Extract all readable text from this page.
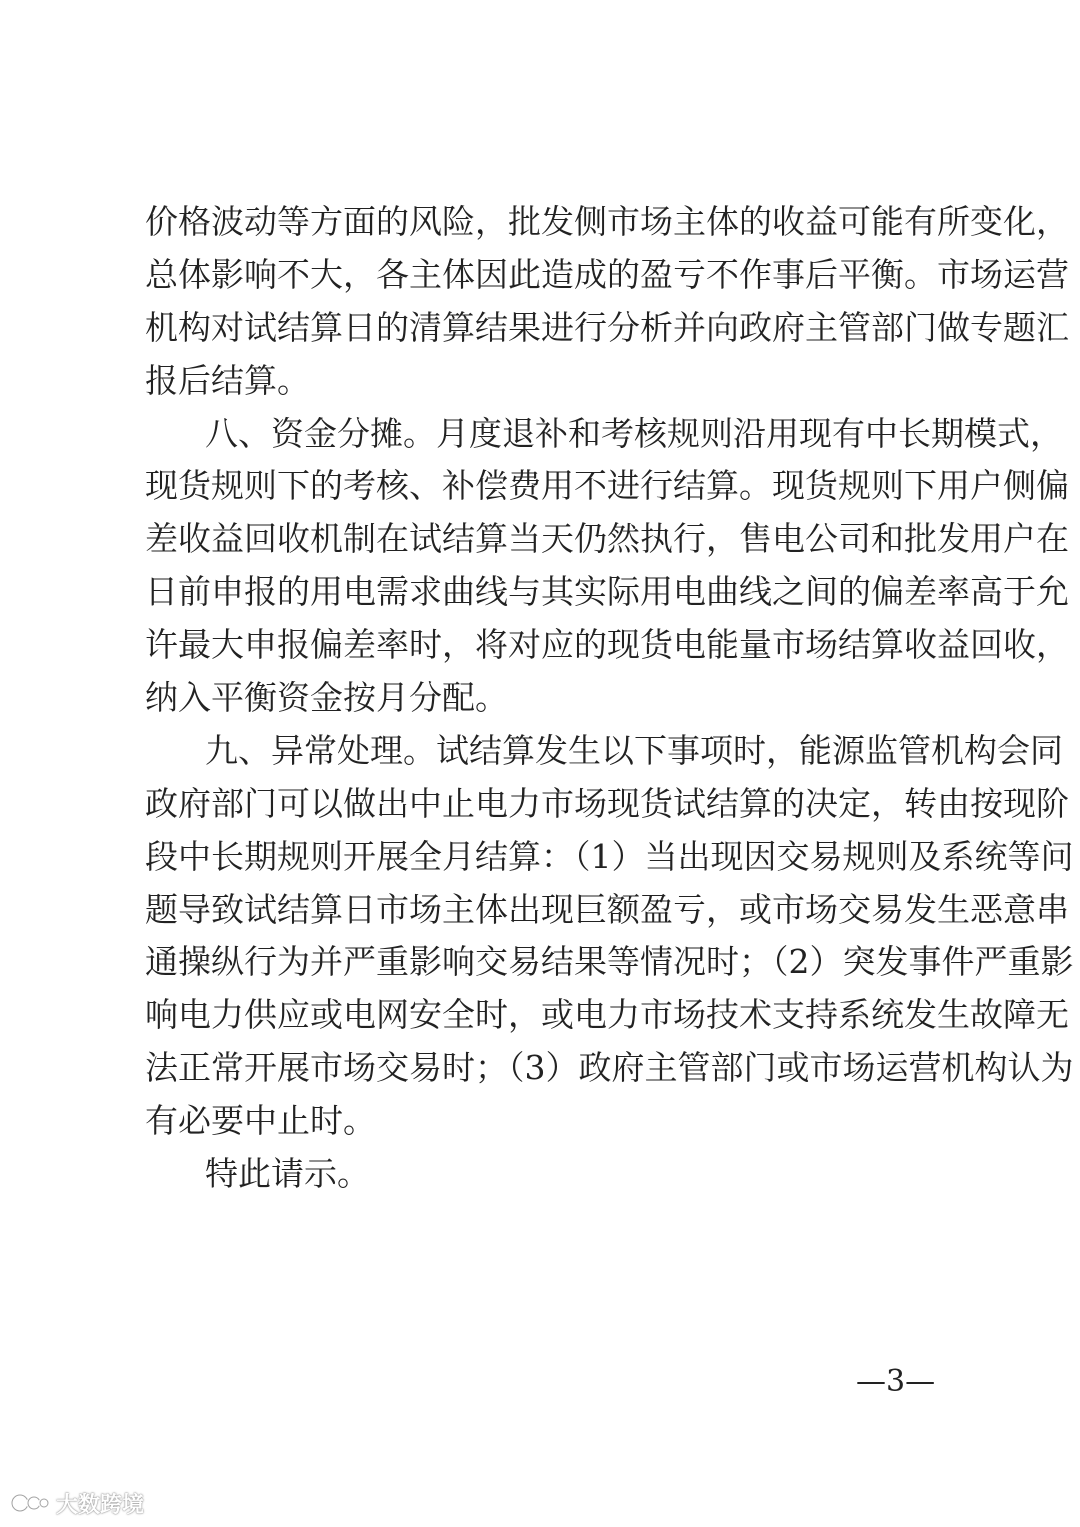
价格波动等方面的风险，批发侧市场主体的收益可能有所变化，
总体影响不大，各主体因此造成的盈亏不作事后平衡。市场运营
机构对试结算日的清算结果进行分析并向政府主管部门做专题汇
报后结算。
八、资金分摊。月度退补和考核规则沿用现有中长期模式，
现货规则下的考核、补偿费用不进行结算。现货规则下用户侧偏
差收益回收机制在试结算当天仍然执行，售电公司和批发用户在
日前申报的用电需求曲线与其实际用电曲线之间的偏差率高于允
许最大申报偏差率时，将对应的现货电能量市场结算收益回收，
纳入平衡资金按月分配。
九、异常处理。试结算发生以下事项时，能源监管机构会同
政府部门可以做出中止电力市场现货试结算的决定，转由按现阶
段中长期规则开展全月结算：（1）当出现因交易规则及系统等问
题导致试结算日市场主体出现巨额盈亏，或市场交易发生恶意串
通操纵行为并严重影响交易结果等情况时；（2）突发事件严重影
响电力供应或电网安全时，或电力市场技术支持系统发生故障无
法正常开展市场交易时；（3）政府主管部门或市场运营机构认为
有必要中止时。
特此请示。
—3—
大数跨境
